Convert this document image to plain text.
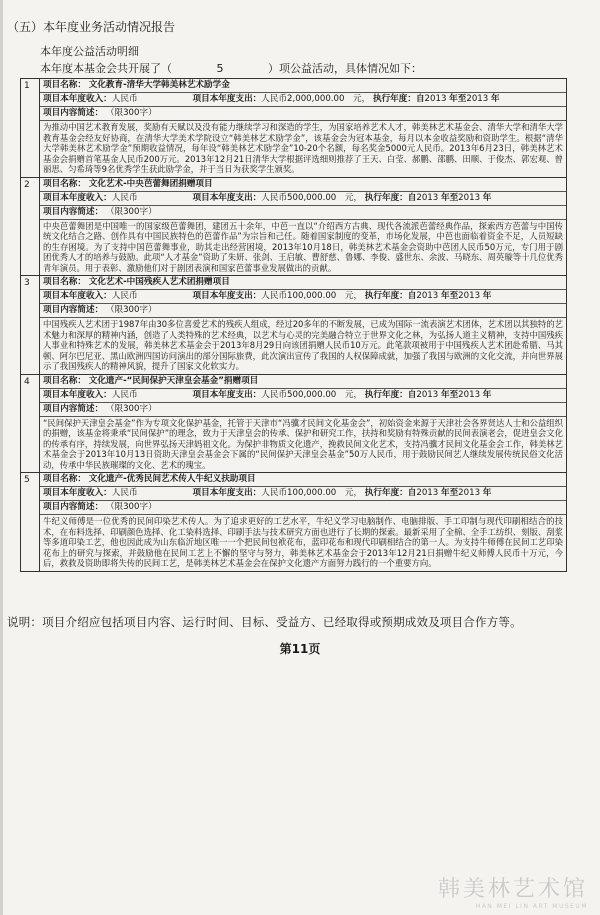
（五）本年度业务活动情况报告
本年度公益活动明细
本年度本基金会共开展了（	5	）项公益活动，具体情况如下：
1	项目名称： 文化教育-清华大学韩美林艺术励学金
项目本年度收入：人民币 项目本年度支出：人民币2,000,000.00　元， 执行年度：自2013 年至2013 年
项目内容简述： （限300字）
为推动中国艺术教育发展，奖励有天赋以及没有能力继续学习和深造的学生，为国家培养艺术人才，韩美林艺术基金会、清华大学和清华大学教育基金会经友好协商，在清华大学美术学院设立“韩美林艺术励学金”，该基金会为冠本基金，每月以本金收益奖励和资助学生。根据“清华大学韩美林艺术励学金”预期收益情况，每年设“韩美林艺术励学金”10-20个名额，每名奖金5000元人民币。2013年6月23日，韩美林艺术基金会捐赠首笔基金人民币200万元。2013年12月21日清华大学根据评选细则推荐了王天、白莹、郝鹏、邵鹏、田顺、于俊杰、郭宏观、曾丽思、匀希琦等9名优秀学生获此励学金，并于当日为获奖学生颁奖。

2	项目名称： 文化艺术-中央芭蕾舞团捐赠项目
项目本年度收入：人民币 项目本年度支出：人民币500,000.00　元， 执行年度：自2013 年至2013 年
项目内容简述： （限300字）
中央芭蕾舞团是中国唯一的国家级芭蕾舞团，建团五十余年，中芭一直以“介绍西方古典、现代各流派芭蕾经典作品，探索西方芭蕾与中国传统文化结合之路、创作具有中国民族特色的芭蕾作品”为宗旨和己任。随着国家制度的变革，市场化发展，中芭也面临着资金不足，人员短缺的生存困境。为了支持中国芭蕾舞事业，助其走出经营困境，2013年10月18日，韩美林艺术基金会资助中芭团人民币50万元，专门用于剧团优秀人才的培养与鼓励。此项“人才基金”资助了朱妍、张剑、王启敏、曹舒慈、鲁娜、李俊、盛世东、余波、马晓东、周英璇等十几位优秀青年演员。用于表彰、激励他们对于剧团表演和国家芭蕾事业发展做出的贡献。

3	项目名称： 文化艺术-中国残疾人艺术团捐赠项目
项目本年度收入：人民币 项目本年度支出：人民币100,000.00　元， 执行年度：自2013 年至2013 年
项目内容简述： （限300字）
中国残疾人艺术团于1987年由30多位喜爱艺术的残疾人组成，经过20多年的不断发展，已成为国际一流表演艺术团体，艺术团以其独特的艺术魅力和深厚的精神内涵，创造了人类特殊的艺术经典，以艺术与心灵的完美融合特立于世界文化之林，为弘扬人道主义精神，支持中国残疾人事业和特殊艺术的发展，韩美林艺术基金会于2013年8月29日向该团捐赠人民币10万元。此笔款项被用于中国残疾人艺术团赴希腊、马其顿、阿尔巴尼亚、黑山欧洲四国访问演出的部分国际旅费，此次演出宣传了我国的人权保障成就，加强了我国与欧洲的文化交流，并向世界展示了我国残疾人的精神风貌，提升了国家文化软实力。

4	项目名称： 文化遗产-“民间保护天津皇会基金”捐赠项目
项目本年度收入：人民币 项目本年度支出：人民币500,000.00　元， 执行年度：自2013 年至2013 年
项目内容简述： （限300字）
“民间保护天津皇会基金”作为专项文化保护基金，托管于天津市“冯骥才民间文化基金会”，初始资金来源于天津社会各界贤达人士和公益组织的捐赠，该基金将秉承“民间保护”的理念，致力于天津皇会的传承、保护和研究工作，扶持和奖励有特殊贡献的民间表演老会，促进皇会文化的传承有序，持续发展，向世界弘扬天津妈祖文化。为保护非物质文化遗产，挽救民间文化艺术，支持冯骥才民间文化基金会工作，韩美林艺术基金会于2013年10月13日资助天津皇会基金会下属的“民间保护天津皇会基金”50万人民币，用于鼓励民间艺人继续发展传统民俗文化活动，传承中华民族璀璨的文化、艺术的瑰宝。

5	项目名称： 文化遗产-优秀民间艺术传人牛纪义扶助项目
项目本年度收入：人民币 项目本年度支出：人民币100,000.00　元， 执行年度：自2013 年至2013 年
项目内容简述： （限300字）
牛纪义师傅是一位优秀的民间印染艺术传人。为了追求更好的工艺水平，牛纪义学习电脑制作、电脑排版、手工印制与现代印刷相结合的技术，在布料选择、印刷颜色选择、化工染料选择、印刷手法与技术研究方面也进行了长期的探索。最新采用了全棉、全手工纺织、刻版、刮浆等多道印染工艺，他也因此成为山东临沂地区唯一一个把民间包袱花布，蓝印花布和现代印刷相结合的第一人。为支持牛师傅在民间工艺印染花布上的研究与探索，并鼓励他在民间工艺上不懈的坚守与努力，韩美林艺术基金会于2013年12月21日捐赠牛纪义师傅人民币十万元，今后，救救及资助即将失传的民间工艺，是韩美林艺术基金会在保护文化遗产方面努力践行的一个重要方向。
说明：项目介绍应包括项目内容、运行时间、目标、受益方、已经取得或预期成效及项目合作方等。
第11页
韩美林艺术馆
HAN MEI LIN ART MUSEUM
